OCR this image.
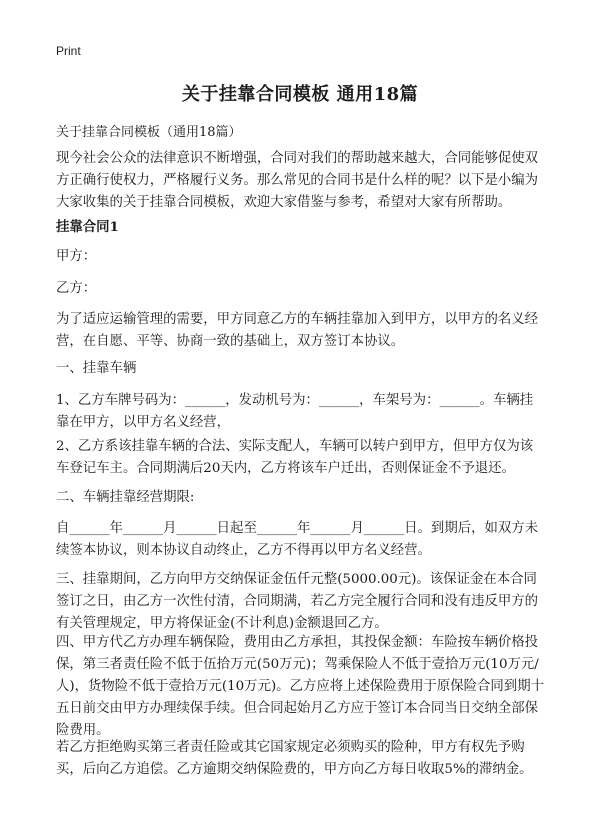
Print
关于挂靠合同模板 通用18篇
关于挂靠合同模板（通用18篇）
现今社会公众的法律意识不断增强，合同对我们的帮助越来越大，合同能够促使双方正确行使权力，严格履行义务。那么常见的合同书是什么样的呢？以下是小编为大家收集的关于挂靠合同模板，欢迎大家借鉴与参考，希望对大家有所帮助。
挂靠合同1
甲方：
乙方：
为了适应运输管理的需要，甲方同意乙方的车辆挂靠加入到甲方，以甲方的名义经营，在自愿、平等、协商一致的基础上，双方签订本协议。
一、挂靠车辆
1、乙方车牌号码为：______，发动机号为：______，车架号为：______。车辆挂靠在甲方，以甲方名义经营，
2、乙方系该挂靠车辆的合法、实际支配人，车辆可以转户到甲方，但甲方仅为该车登记车主。合同期满后20天内，乙方将该车户迁出，否则保证金不予退还。
二、车辆挂靠经营期限:
自______年______月______日起至______年______月______日。到期后，如双方未续签本协议，则本协议自动终止，乙方不得再以甲方名义经营。
三、挂靠期间，乙方向甲方交纳保证金伍仟元整(5000.00元)。该保证金在本合同签订之日，由乙方一次性付清，合同期满，若乙方完全履行合同和没有违反甲方的有关管理规定，甲方将保证金(不计利息)金额退回乙方。
四、甲方代乙方办理车辆保险，费用由乙方承担，其投保金额：车险按车辆价格投保，第三者责任险不低于伍拾万元(50万元)；驾乘保险人不低于壹拾万元(10万元/人)，货物险不低于壹拾万元(10万元)。乙方应将上述保险费用于原保险合同到期十五日前交由甲方办理续保手续。但合同起始月乙方应于签订本合同当日交纳全部保险费用。
若乙方拒绝购买第三者责任险或其它国家规定必须购买的险种，甲方有权先予购买，后向乙方追偿。乙方逾期交纳保险费的，甲方向乙方每日收取5%的滞纳金。
